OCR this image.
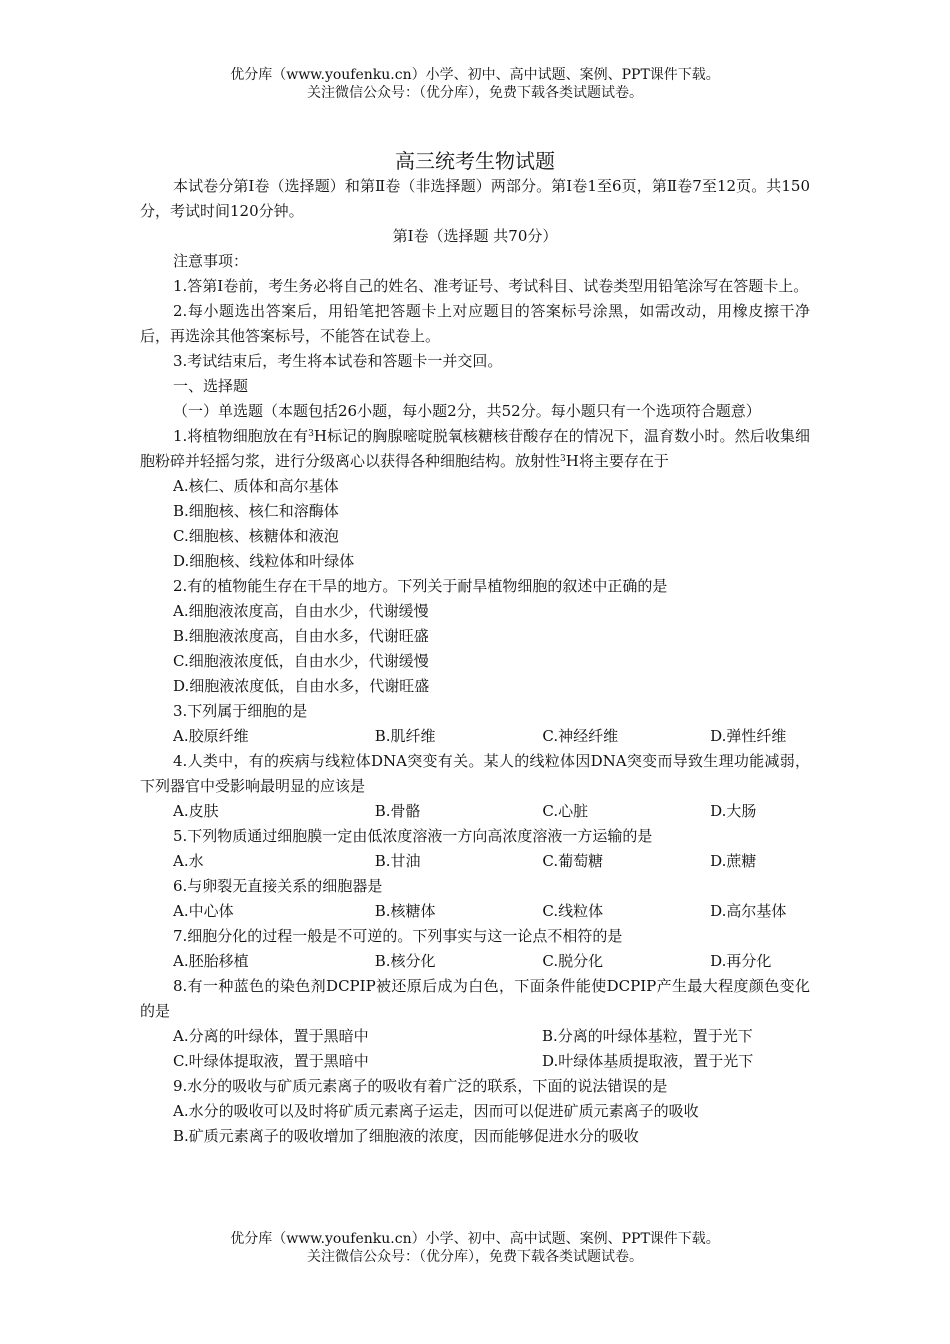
优分库（www.youfenku.cn）小学、初中、高中试题、案例、PPT课件下载。
关注微信公众号：（优分库），免费下载各类试题试卷。
高三统考生物试题

本试卷分第Ⅰ卷（选择题）和第Ⅱ卷（非选择题）两部分。第Ⅰ卷1至6页，第Ⅱ卷7至12页。共150分，考试时间120分钟。

第Ⅰ卷（选择题 共70分）

注意事项：

1.答第Ⅰ卷前，考生务必将自己的姓名、准考证号、考试科目、试卷类型用铅笔涂写在答题卡上。

2.每小题选出答案后，用铅笔把答题卡上对应题目的答案标号涂黑，如需改动，用橡皮擦干净后，再选涂其他答案标号，不能答在试卷上。

3.考试结束后，考生将本试卷和答题卡一并交回。

一、选择题

（一）单选题（本题包括26小题，每小题2分，共52分。每小题只有一个选项符合题意）

1.将植物细胞放在有$^3$H标记的胸腺嘧啶脱氧核糖核苷酸存在的情况下，温育数小时。然后收集细胞粉碎并轻摇匀浆，进行分级离心以获得各种细胞结构。放射性$^3$H将主要存在于

A.核仁、质体和高尔基体

B.细胞核、核仁和溶酶体

C.细胞核、核糖体和液泡

D.细胞核、线粒体和叶绿体

2.有的植物能生存在干旱的地方。下列关于耐旱植物细胞的叙述中正确的是

A.细胞液浓度高，自由水少，代谢缓慢

B.细胞液浓度高，自由水多，代谢旺盛

C.细胞液浓度低，自由水少，代谢缓慢

D.细胞液浓度低，自由水多，代谢旺盛

3.下列属于细胞的是

A.胶原纤维	B.肌纤维	C.神经纤维	D.弹性纤维

4.人类中，有的疾病与线粒体DNA突变有关。某人的线粒体因DNA突变而导致生理功能减弱，下列器官中受影响最明显的应该是

A.皮肤	B.骨骼	C.心脏	D.大肠

5.下列物质通过细胞膜一定由低浓度溶液一方向高浓度溶液一方运输的是

A.水	B.甘油	C.葡萄糖	D.蔗糖

6.与卵裂无直接关系的细胞器是

A.中心体	B.核糖体	C.线粒体	D.高尔基体

7.细胞分化的过程一般是不可逆的。下列事实与这一论点不相符的是

A.胚胎移植	B.核分化	C.脱分化	D.再分化

8.有一种蓝色的染色剂DCPIP被还原后成为白色，下面条件能使DCPIP产生最大程度颜色变化的是

A.分离的叶绿体，置于黑暗中	B.分离的叶绿体基粒，置于光下
C.叶绿体提取液，置于黑暗中	D.叶绿体基质提取液，置于光下

9.水分的吸收与矿质元素离子的吸收有着广泛的联系，下面的说法错误的是

A.水分的吸收可以及时将矿质元素离子运走，因而可以促进矿质元素离子的吸收

B.矿质元素离子的吸收增加了细胞液的浓度，因而能够促进水分的吸收

优分库（www.youfenku.cn）小学、初中、高中试题、案例、PPT课件下载。
关注微信公众号：（优分库），免费下载各类试题试卷。
